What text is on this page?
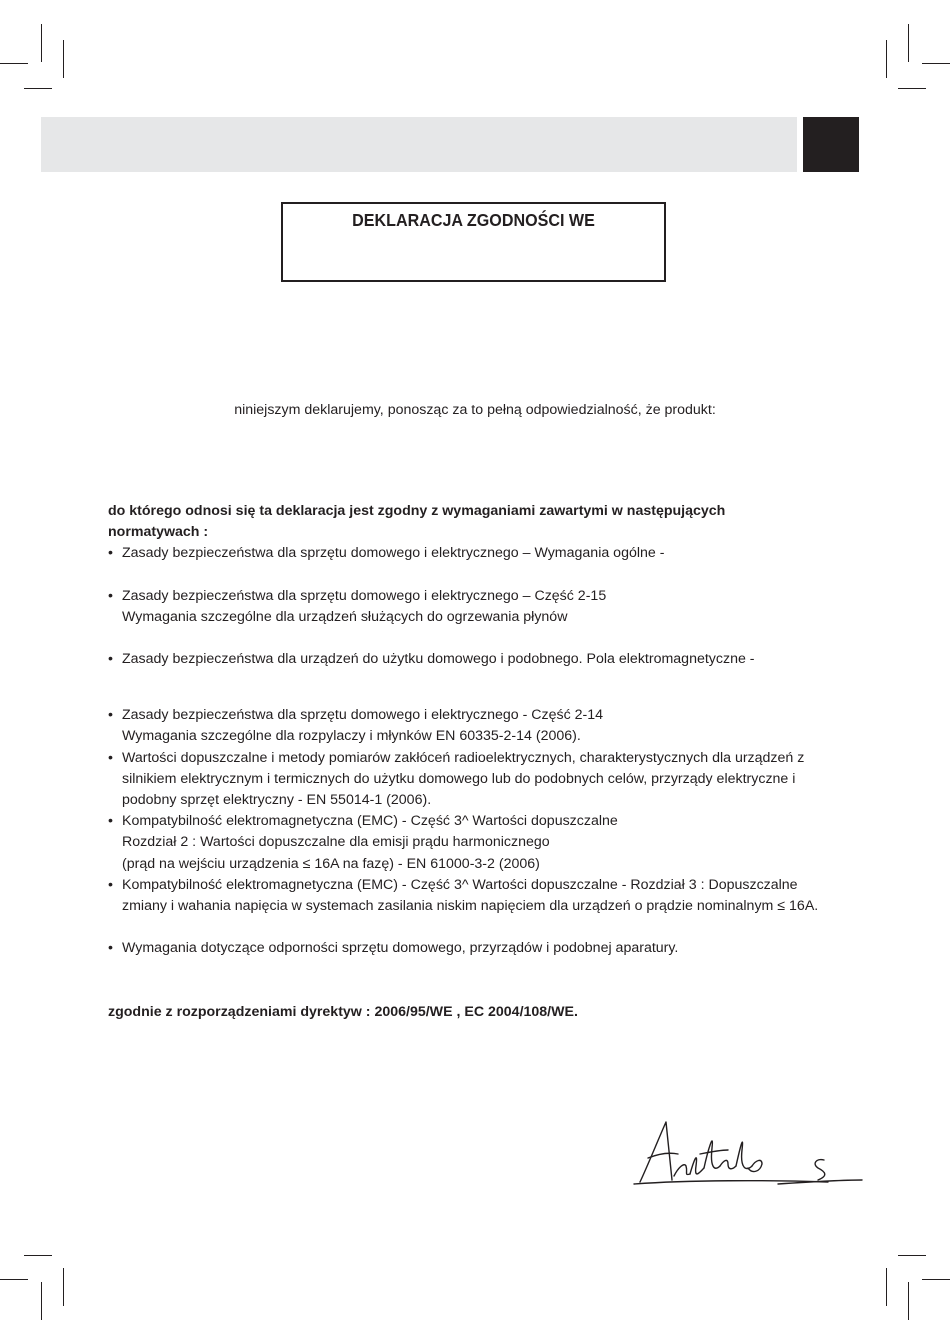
DEKLARACJA ZGODNOŚCI WE
niniejszym deklarujemy, ponosząc za to pełną odpowiedzialność, że produkt:
do którego odnosi się ta deklaracja jest zgodny z wymaganiami zawartymi w następujących
normatywach :
• Zasady bezpieczeństwa dla sprzętu domowego i elektrycznego – Wymagania ogólne -
• Zasady bezpieczeństwa dla sprzętu domowego i elektrycznego – Część 2-15
Wymagania szczególne dla urządzeń służących do ogrzewania płynów
• Zasady bezpieczeństwa dla urządzeń do użytku domowego i podobnego. Pola elektromagnetyczne -
• Zasady bezpieczeństwa dla sprzętu domowego i elektrycznego - Część 2-14
Wymagania szczególne dla rozpylaczy i młynków EN 60335-2-14 (2006).
• Wartości dopuszczalne i metody pomiarów zakłóceń radioelektrycznych, charakterystycznych dla urządzeń z
silnikiem elektrycznym i termicznych do użytku domowego lub do podobnych celów, przyrządy elektryczne i
podobny sprzęt elektryczny - EN 55014-1 (2006).
• Kompatybilność elektromagnetyczna (EMC) - Część 3^ Wartości dopuszczalne
Rozdział 2 : Wartości dopuszczalne dla emisji prądu harmonicznego
(prąd na wejściu urządzenia ≤ 16A na fazę) - EN 61000-3-2 (2006)
• Kompatybilność elektromagnetyczna (EMC) - Część 3^ Wartości dopuszczalne - Rozdział 3 : Dopuszczalne
zmiany i wahania napięcia w systemach zasilania niskim napięciem dla urządzeń o prądzie nominalnym ≤ 16A.
• Wymagania dotyczące odporności sprzętu domowego, przyrządów i podobnej aparatury.
zgodnie z rozporządzeniami dyrektyw : 2006/95/WE , EC 2004/108/WE.
